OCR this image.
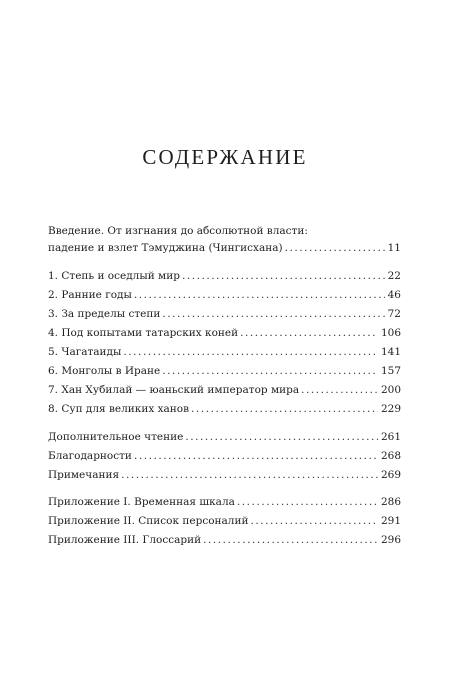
СОДЕРЖАНИЕ
Введение. От изгнания до абсолютной власти:
падение и взлет Тэмуджина (Чингисхана) .....	11
1. Степь и оседлый мир .....	22
2. Ранние годы .....	46
3. За пределы степи .....	72
4. Под копытами татарских коней .....	106
5. Чагатаиды .....	141
6. Монголы в Иране .....	157
7. Хан Хубилай — юаньский император мира .....	200
8. Суп для великих ханов .....	229
Дополнительное чтение .....	261
Благодарности .....	268
Примечания .....	269
Приложение I. Временная шкала .....	286
Приложение II. Список персоналий .....	291
Приложение III. Глоссарий .....	296
